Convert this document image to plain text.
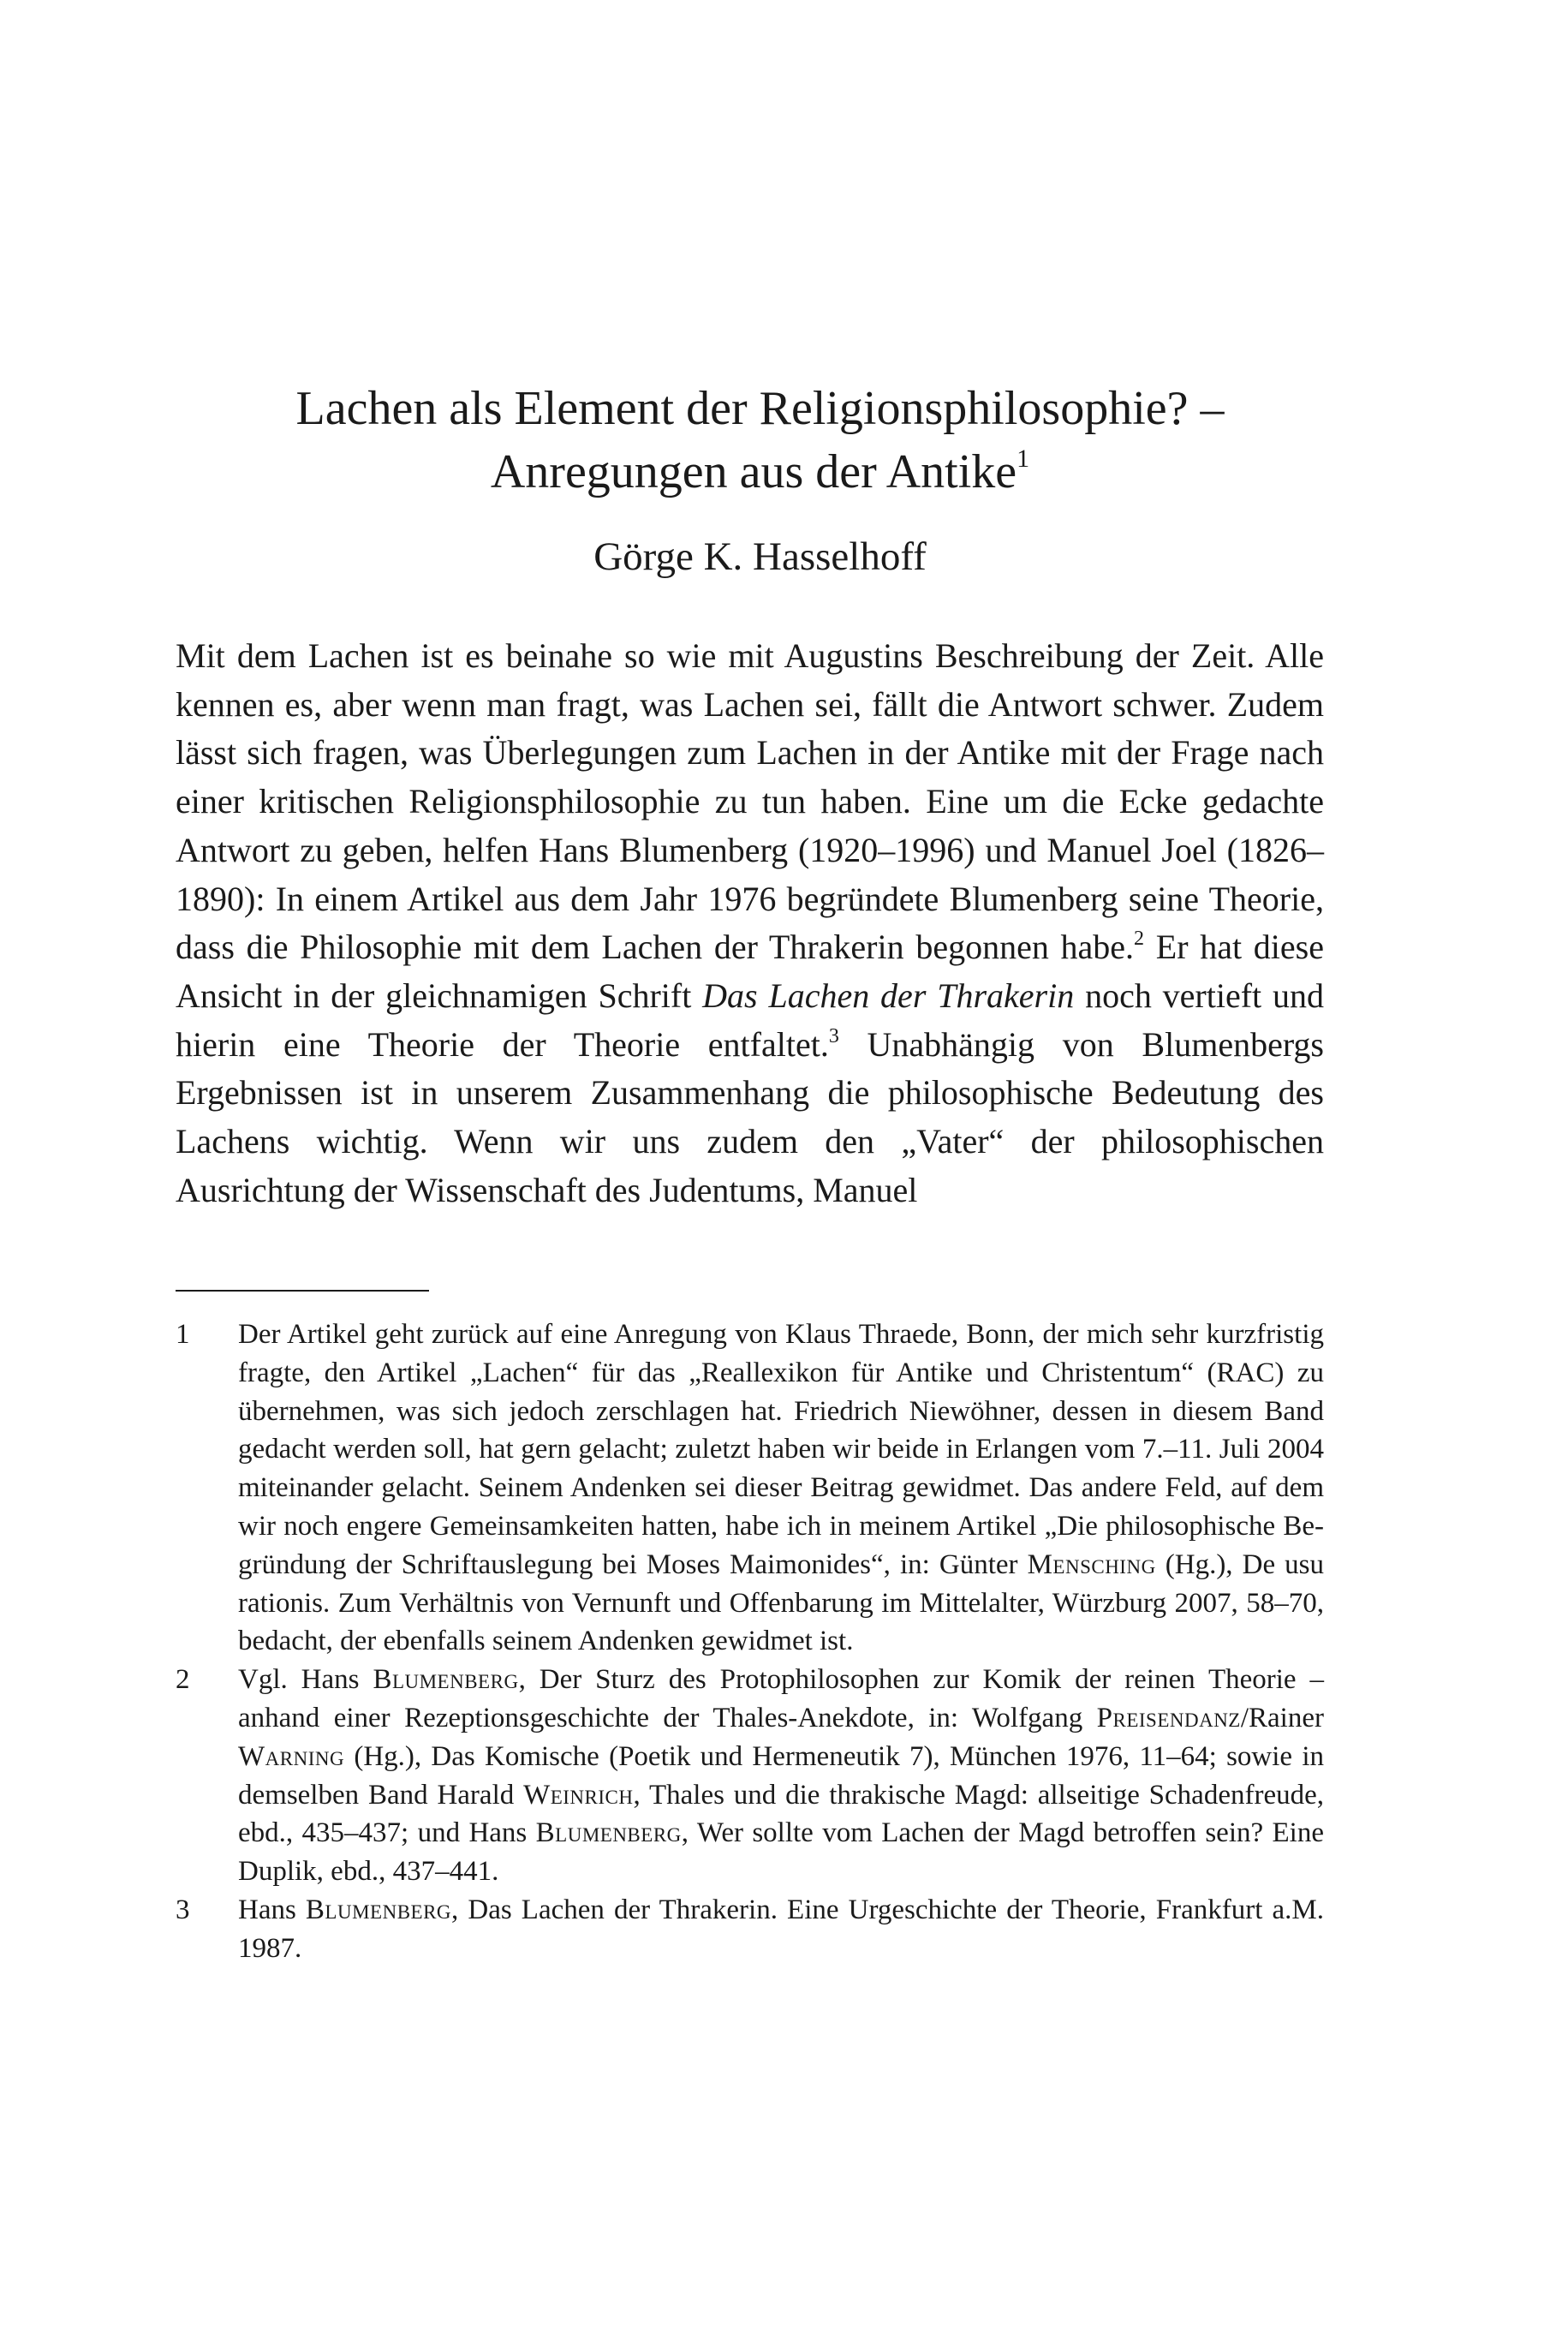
Lachen als Element der Religionsphilosophie? –
Anregungen aus der Antike$^1$
Görge K. Hasselhoff

Mit dem Lachen ist es beinahe so wie mit Augustins Beschreibung der Zeit. Alle kennen es, aber wenn man fragt, was Lachen sei, fällt die Antwort schwer. Zudem lässt sich fragen, was Überlegungen zum Lachen in der Antike mit der Frage nach einer kritischen Religionsphilosophie zu tun haben. Eine um die Ecke gedachte Antwort zu geben, helfen Hans Blumenberg (1920–1996) und Manuel Joel (1826–1890): In einem Artikel aus dem Jahr 1976 begründete Blumenberg seine Theorie, dass die Philosophie mit dem Lachen der Thrakerin begonnen habe.$^2$ Er hat diese Ansicht in der gleichnamigen Schrift Das Lachen der Thrakerin noch vertieft und hierin eine Theorie der Theorie entfaltet.$^3$ Unabhängig von Blumenbergs Ergebnissen ist in unserem Zusammenhang die philosophische Bedeutung des Lachens wichtig. Wenn wir uns zudem den „Vater“ der philosophischen Ausrichtung der Wissenschaft des Judentums, Manuel

1	Der Artikel geht zurück auf eine Anregung von Klaus Thraede, Bonn, der mich sehr kurzfristig fragte, den Artikel „Lachen“ für das „Reallexikon für Antike und Christentum“ (RAC) zu übernehmen, was sich jedoch zerschlagen hat. Friedrich Niewöhner, dessen in diesem Band gedacht werden soll, hat gern gelacht; zuletzt haben wir beide in Erlangen vom 7.–11. Juli 2004 miteinander gelacht. Seinem Andenken sei dieser Beitrag gewidmet. Das andere Feld, auf dem wir noch engere Gemeinsamkeiten hatten, habe ich in meinem Artikel „Die philosophische Begründung der Schriftauslegung bei Moses Maimonides“, in: Günter Mensching (Hg.), De usu rationis. Zum Verhältnis von Vernunft und Offenbarung im Mittelalter, Würzburg 2007, 58–70, bedacht, der ebenfalls seinem Andenken gewidmet ist.
2	Vgl. Hans Blumenberg, Der Sturz des Protophilosophen zur Komik der reinen Theorie – anhand einer Rezeptionsgeschichte der Thales-Anekdote, in: Wolfgang Preisendanz/Rainer Warning (Hg.), Das Komische (Poetik und Hermeneutik 7), München 1976, 11–64; sowie in demselben Band Harald Weinrich, Thales und die thrakische Magd: allseitige Schadenfreude, ebd., 435–437; und Hans Blumenberg, Wer sollte vom Lachen der Magd betroffen sein? Eine Duplik, ebd., 437–441.
3	Hans Blumenberg, Das Lachen der Thrakerin. Eine Urgeschichte der Theorie, Frankfurt a.M. 1987.
